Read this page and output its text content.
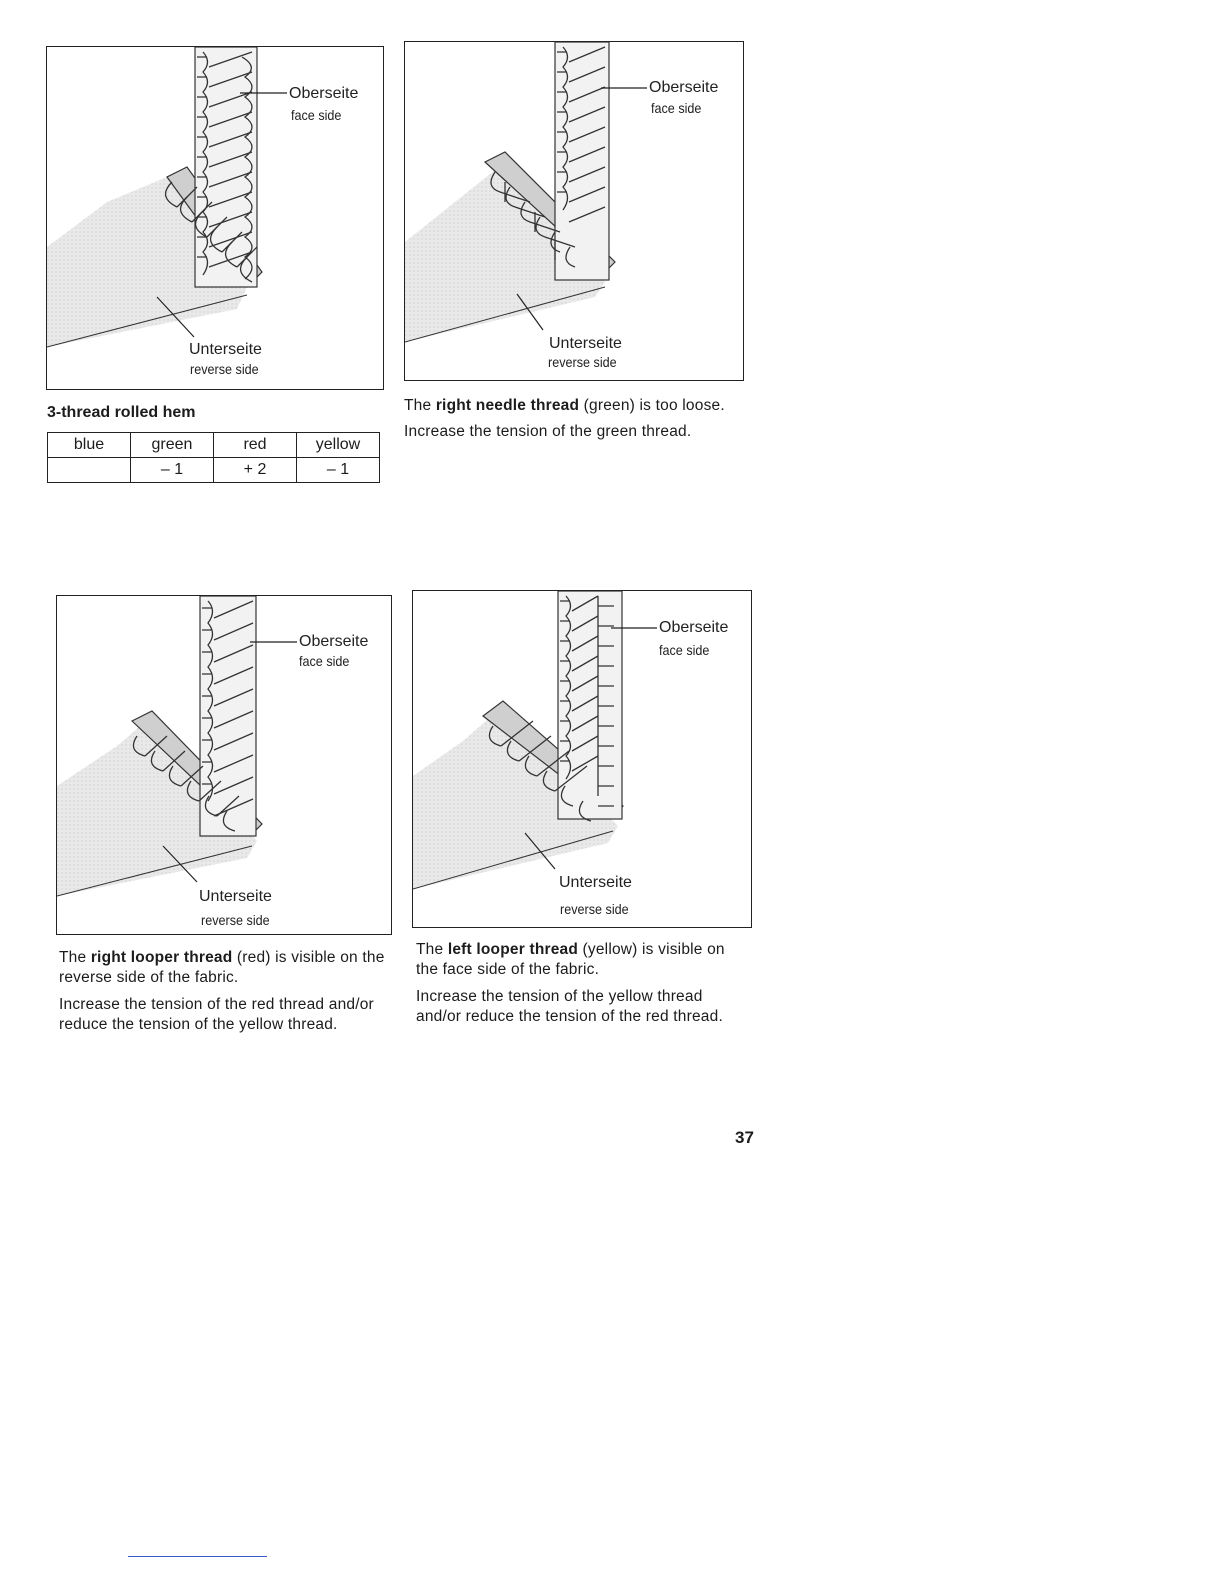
Oberseite
face side
Unterseite
reverse side
Oberseite
face side
Unterseite
reverse side
3-thread rolled hem
blue	green	red	yellow
	– 1	+ 2	– 1

The right needle thread (green) is too loose.

Increase the tension of the green thread.

Oberseite
face side
Unterseite
reverse side
Oberseite
face side
Unterseite
reverse side

The right looper thread (red) is visible on the reverse side of the fabric.

Increase the tension of the red thread and/or reduce the tension of the yellow thread.

The left looper thread (yellow) is visible on the face side of the fabric.

Increase the tension of the yellow thread and/or reduce the tension of the red thread.

37
